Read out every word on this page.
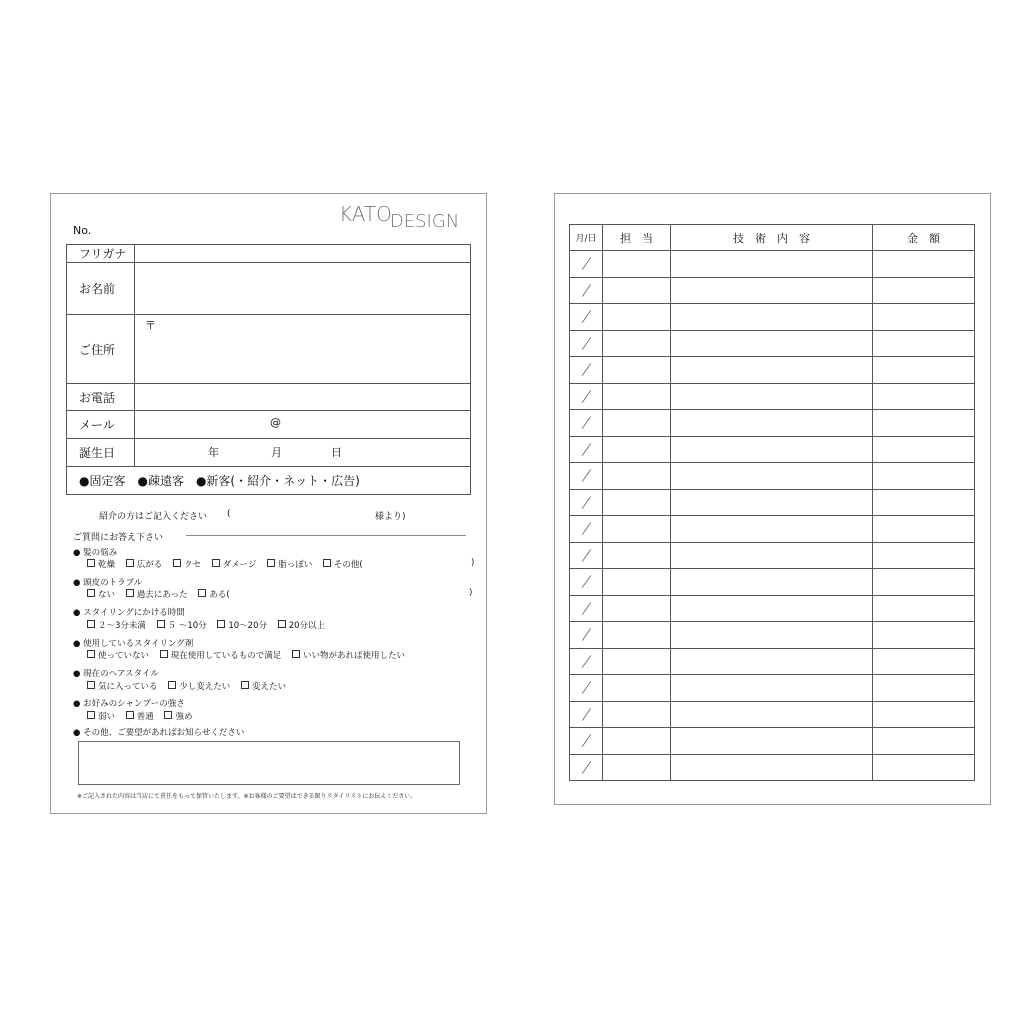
KATODESIGN
No.
フリガナ	
お名前	
ご住所	〒

お電話	
メール	@

誕生日	年 月 日

●固定客　●疎遠客　●新客(・紹介・ネット・広告)	
紹介の方はご記入ください (	様より)
ご質問にお答え下さい
● 髪の悩み
乾燥	広がる	クセ	ダメージ	脂っぽい	その他(	)
● 頭皮のトラブル
ない	過去にあった	ある(	)
● スタイリングにかける時間
２～3分未満	５ ～10分	10～20分	20分以上
● 使用しているスタイリング剤
使っていない	現在使用しているもので満足	いい物があれば使用したい
● 現在のヘアスタイル
気に入っている	少し変えたい	変えたい
● お好みのシャンプーの強さ
弱い	普通	強め
● その他、ご要望があればお知らせください
※ご記入された内容は当店にて責任をもって保管いたします。※お客様のご要望はできる限りスタイリストにお伝えください。
月/日	担　当	技　術　内　容	金　額
